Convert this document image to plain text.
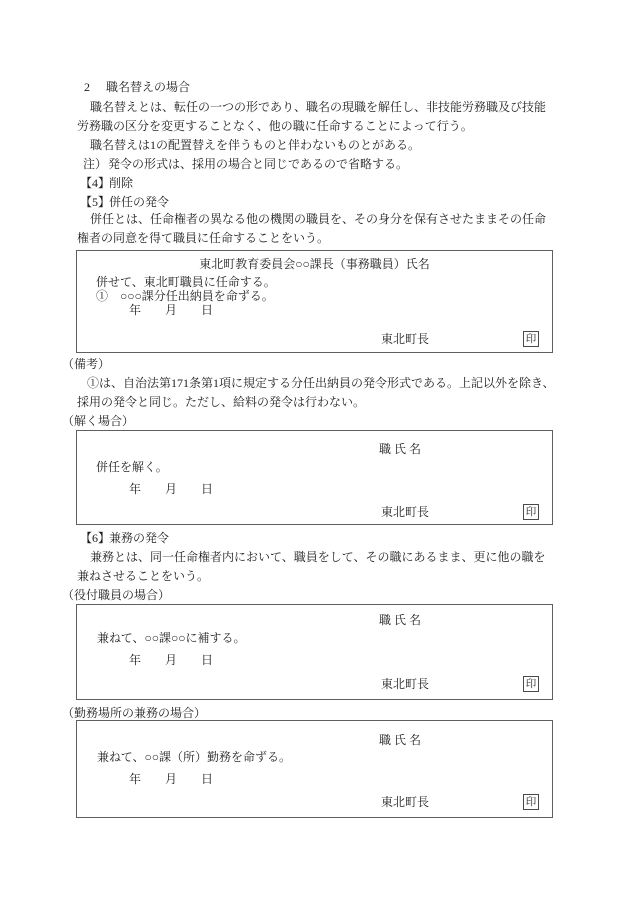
2 職名替えの場合
職名替えとは、転任の一つの形であり、職名の現職を解任し、非技能労務職及び技能
労務職の区分を変更することなく、他の職に任命することによって行う。
職名替えは1の配置替えを伴うものと伴わないものとがある。
注） 発令の形式は、採用の場合と同じであるので省略する。
【4】
削除
【5】
併任の発令
併任とは、任命権者の異なる他の機関の職員を、その身分を保有させたままその任命
権者の同意を得て職員に任命することをいう。
東北町教育委員会○○課長（事務職員）氏名
併せて、東北町職員に任命する。
①　○○○課分任出納員を命ずる。
年　　月　　日
東北町長	印
（備考）
①は、自治法第171条第1項に規定する分任出納員の発令形式である。上記以外を除き、
採用の発令と同じ。ただし、給料の発令は行わない。
（解く場合）
職 氏 名
併任を解く。
年　　月　　日
東北町長	印
【6】
兼務の発令
兼務とは、同一任命権者内において、職員をして、その職にあるまま、更に他の職を
兼ねさせることをいう。
（役付職員の場合）
職 氏 名
兼ねて、○○課○○に補する。
年　　月　　日
東北町長	印
（勤務場所の兼務の場合）
職 氏 名
兼ねて、○○課（所）勤務を命ずる。
年　　月　　日
東北町長	印
